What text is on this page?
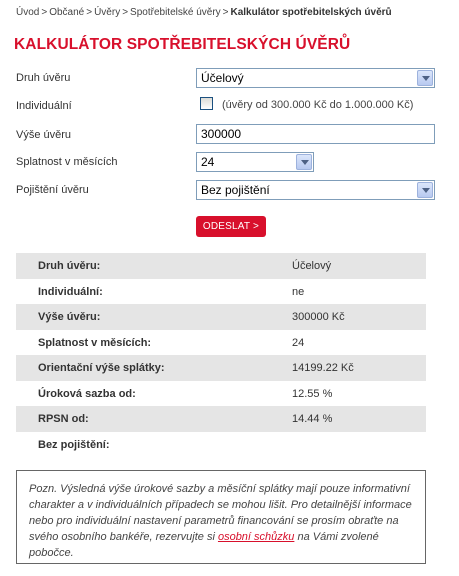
Úvod > Občané > Úvěry > Spotřebitelské úvěry > Kalkulátor spotřebitelských úvěrů
KALKULÁTOR SPOTŘEBITELSKÝCH ÚVĚRŮ
Druh úvěru	Účelový
Individuální	(úvěry od 300.000 Kč do 1.000.000 Kč)
Výše úvěru	300000
Splatnost v měsících	24
Pojištění úvěru	Bez pojištění
ODESLAT >
Druh úvěru:	Účelový
Individuální:	ne
Výše úvěru:	300000 Kč
Splatnost v měsících:	24
Orientační výše splátky:	14199.22 Kč
Úroková sazba od:	12.55 %
RPSN od:	14.44 %
Bez pojištění:
Pozn. Výsledná výše úrokové sazby a měsíční splátky mají pouze informativní charakter a v individuálních případech se mohou lišit. Pro detailnější informace nebo pro individuální nastavení parametrů financování se prosím obraťte na svého osobního bankéře, rezervujte si osobní schůzku na Vámi zvolené pobočce.
